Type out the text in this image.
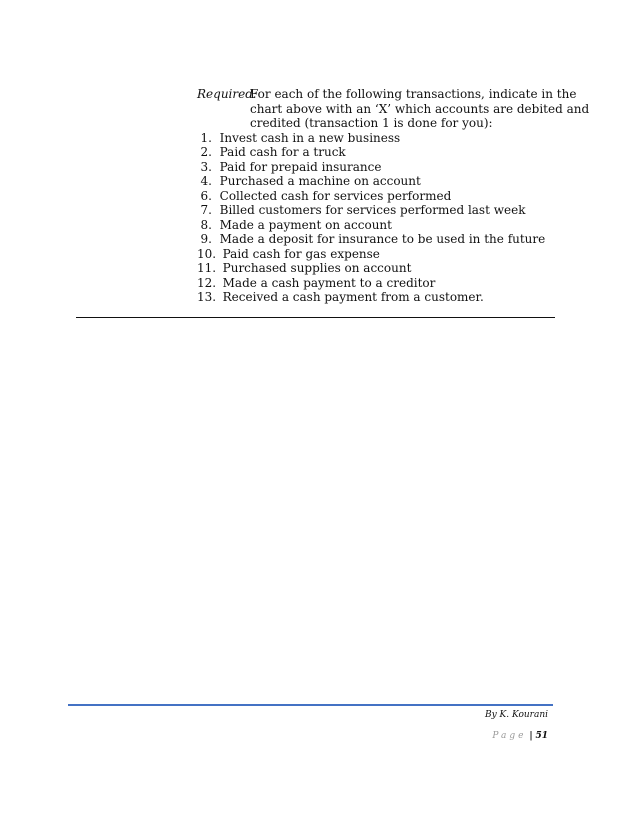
Required:
For each of the following transactions, indicate in the
chart above with an ‘X’ which accounts are debited and
credited (transaction 1 is done for you):
1. Invest cash in a new business
2. Paid cash for a truck
3. Paid for prepaid insurance
4. Purchased a machine on account
6. Collected cash for services performed
7. Billed customers for services performed last week
8. Made a payment on account
9. Made a deposit for insurance to be used in the future
10. Paid cash for gas expense
11. Purchased supplies on account
12. Made a cash payment to a creditor
13. Received a cash payment from a customer.
By K. Kourani
Page | 51
